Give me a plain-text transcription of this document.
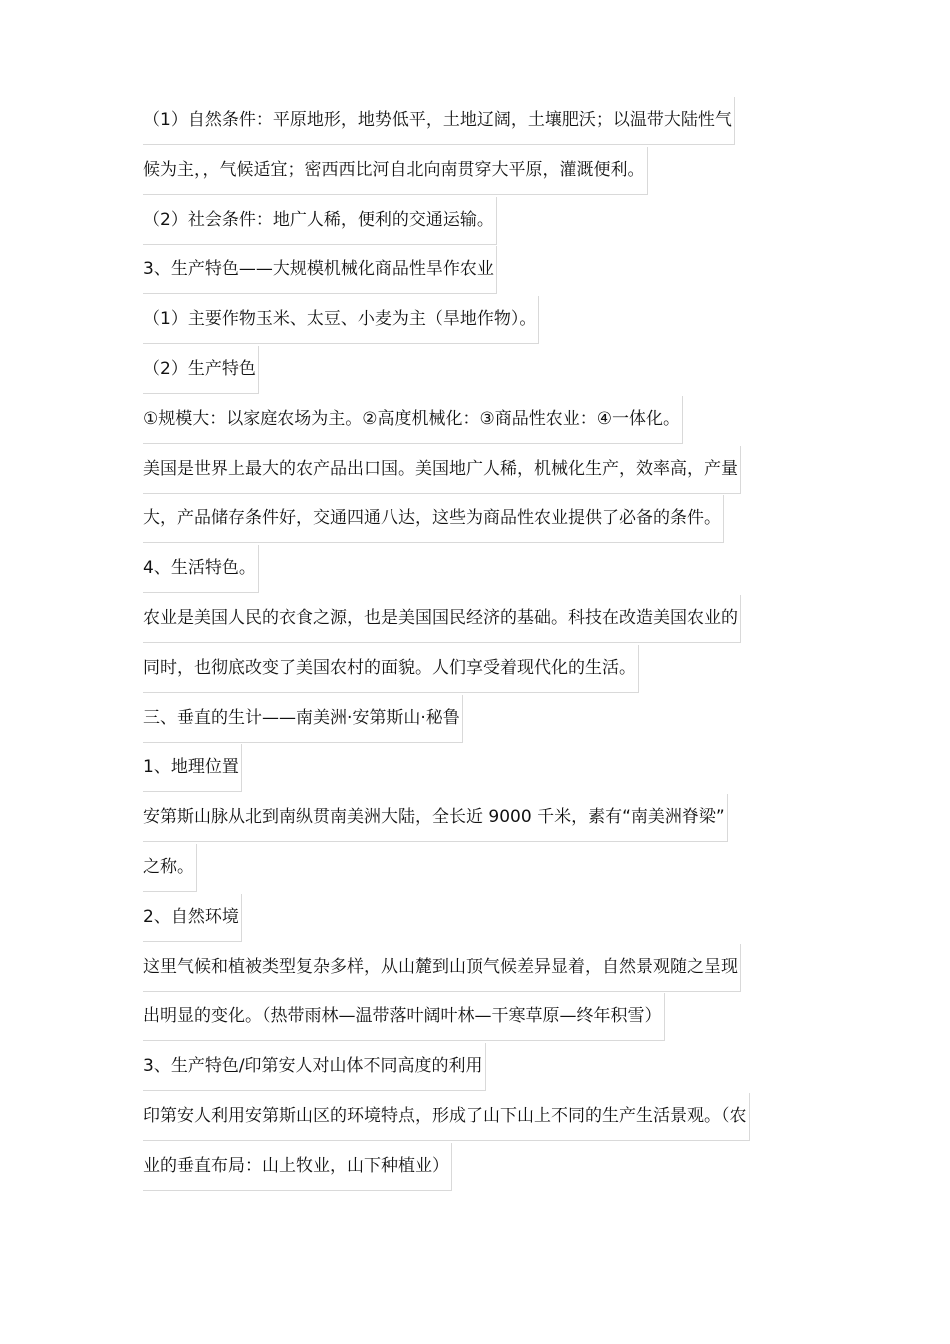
（1）自然条件：平原地形，地势低平，土地辽阔，土壤肥沃；以温带大陆性气
候为主，，气候适宜；密西西比河自北向南贯穿大平原，灌溉便利。
（2）社会条件：地广人稀，便利的交通运输。
3、生产特色——大规模机械化商品性旱作农业
（1）主要作物玉米、太豆、小麦为主（旱地作物）。
（2）生产特色
①规模大：以家庭农场为主。②高度机械化：③商品性农业：④一体化。
美国是世界上最大的农产品出口国。美国地广人稀，机械化生产，效率高，产量
大，产品储存条件好，交通四通八达，这些为商品性农业提供了必备的条件。
4、生活特色。
农业是美国人民的衣食之源，也是美国国民经济的基础。科技在改造美国农业的
同时，也彻底改变了美国农村的面貌。人们享受着现代化的生活。
三、垂直的生计——南美洲·安第斯山·秘鲁
1、地理位置
安第斯山脉从北到南纵贯南美洲大陆，全长近 9000 千米，素有“南美洲脊梁”
之称。
2、自然环境
这里气候和植被类型复杂多样，从山麓到山顶气候差异显着，自然景观随之呈现
出明显的变化。（热带雨林—温带落叶阔叶林—干寒草原—终年积雪）
3、生产特色/印第安人对山体不同高度的利用
印第安人利用安第斯山区的环境特点，形成了山下山上不同的生产生活景观。（农
业的垂直布局：山上牧业，山下种植业）
